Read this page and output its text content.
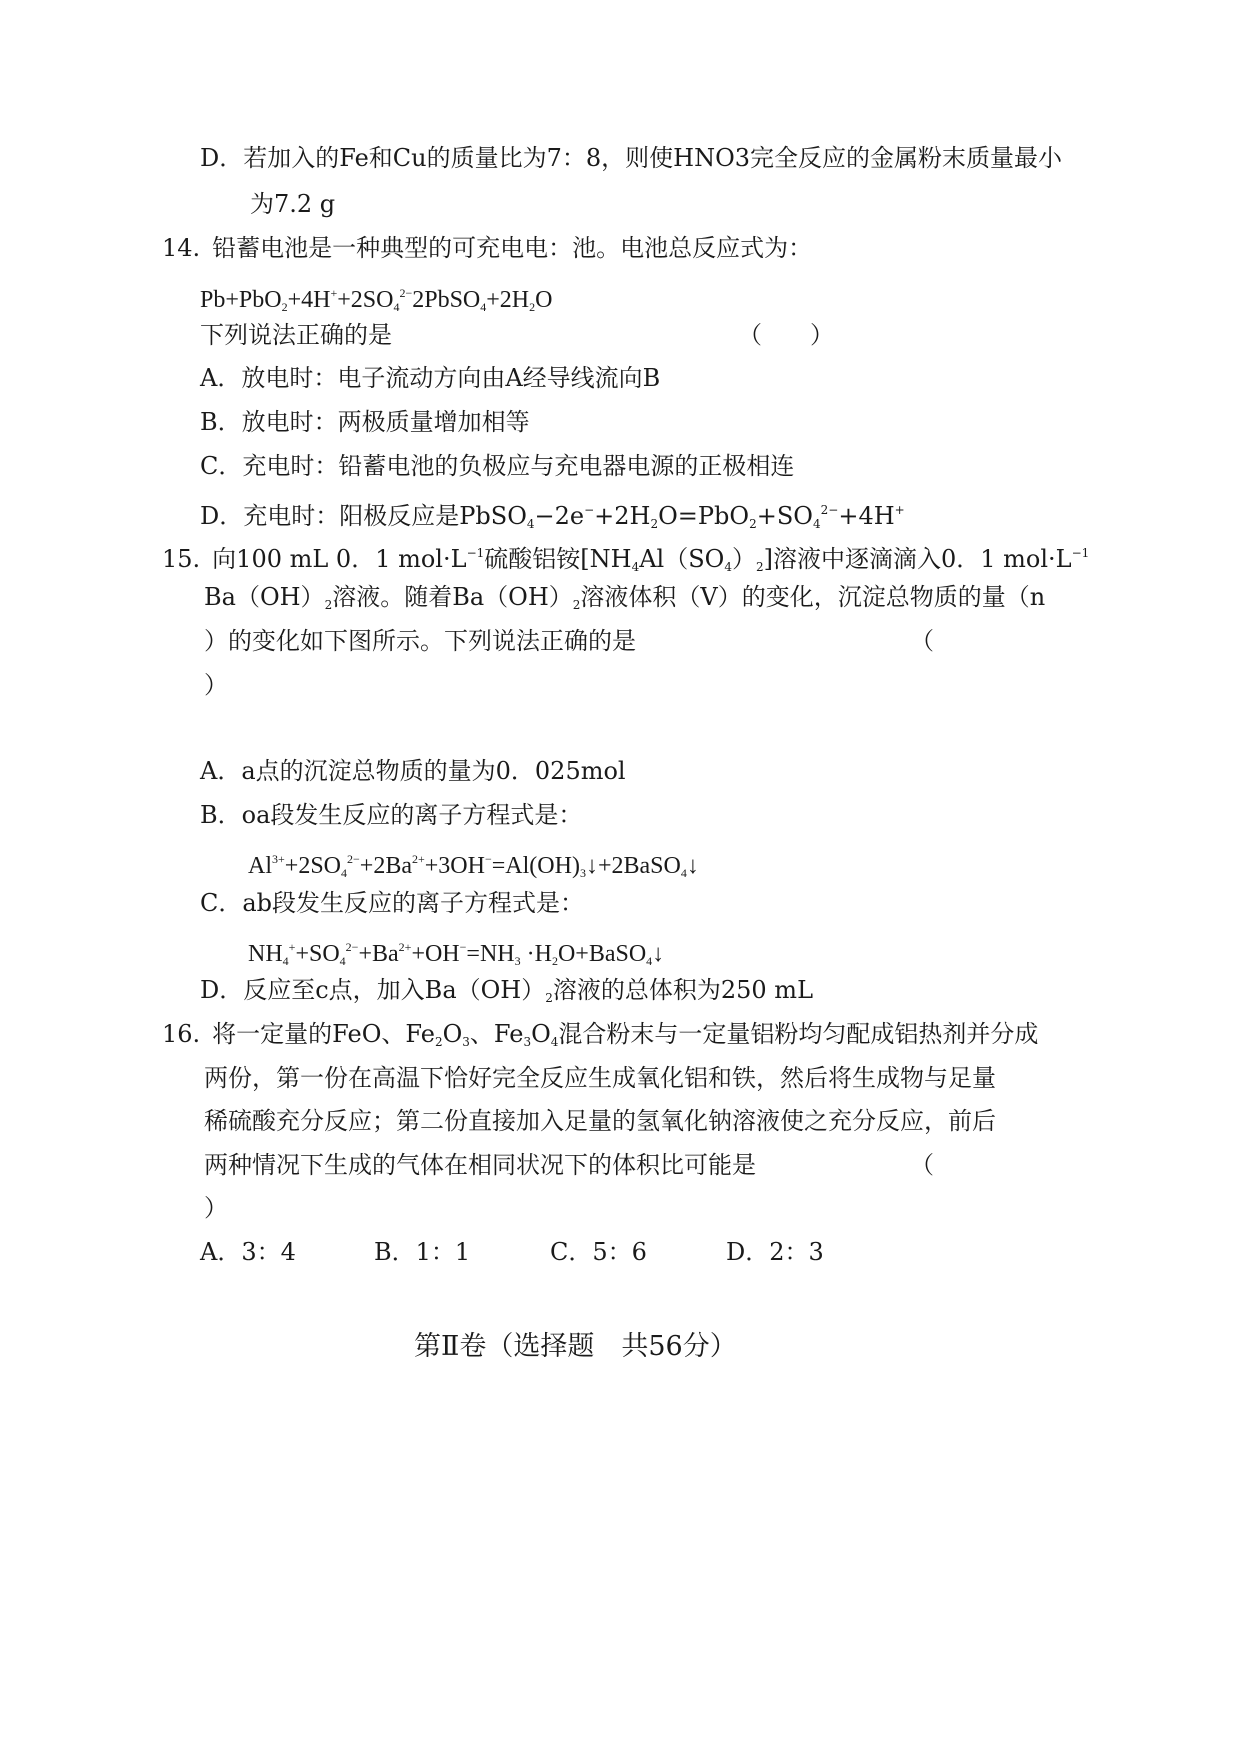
D．若加入的Fe和Cu的质量比为7：8，则使HNO3完全反应的金属粉末质量最小
为7.2 g
14. 铅蓄电池是一种典型的可充电电：池。电池总反应式为：
$Pb+PbO_2+4H^++2SO_4^{2-}2PbSO_4+2H_2O$
下列说法正确的是	（　　）
A．放电时：电子流动方向由A经导线流向B
B．放电时：两极质量增加相等
C．充电时：铅蓄电池的负极应与充电器电源的正极相连
D．充电时：阳极反应是$PbSO_4-2e^-+2H_2O=PbO_2+SO_4^{2-}+4H^+$
15. 向100 mL 0．1 $mol\cdot L^{-1}$硫酸铝铵$[NH_4Al(SO_4)_2]$溶液中逐滴滴入0．1 $mol\cdot L^{-1}$
$Ba(OH)_2$溶液。随着$Ba(OH)_2$溶液体积（V）的变化，沉淀总物质的量（n
）的变化如下图所示。下列说法正确的是	（
）
A．a点的沉淀总物质的量为0．025mol
B．oa段发生反应的离子方程式是：
$Al^{3+}+2SO_4^{2-}+2Ba^{2+}+3OH^-=Al(OH)_3↓+2BaSO_4↓$
C．ab段发生反应的离子方程式是：
$NH_4^++SO_4^{2-}+Ba^{2+}+OH^-=NH_3$ $\cdot H_2O+BaSO_4↓$
D．反应至c点，加入$Ba(OH)_2$溶液的总体积为250 mL
16. 将一定量的FeO、$Fe_2O_3$、$Fe_3O_4$混合粉末与一定量铝粉均匀配成铝热剂并分成
两份，第一份在高温下恰好完全反应生成氧化铝和铁，然后将生成物与足量
稀硫酸充分反应；第二份直接加入足量的氢氧化钠溶液使之充分反应，前后
两种情况下生成的气体在相同状况下的体积比可能是	（
）
A．3：4	B．1：1	C．5：6	D．2：3
第Ⅱ卷（选择题　共56分）
